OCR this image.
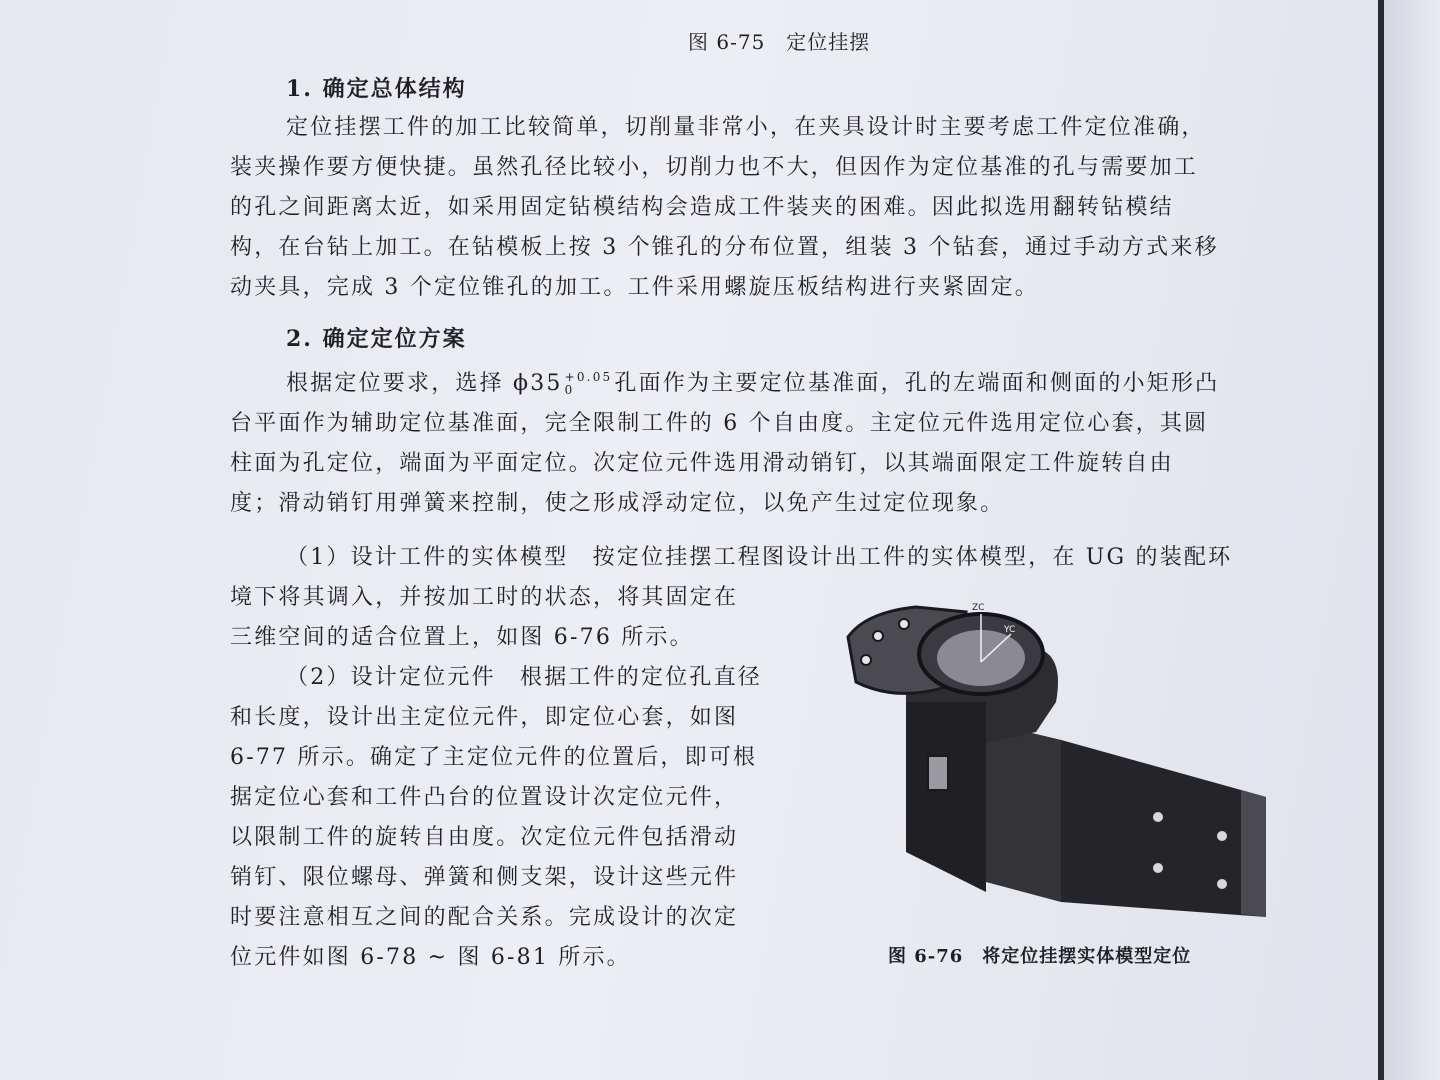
图 6-75　定位挂摆
1. 确定总体结构
定位挂摆工件的加工比较简单，切削量非常小，在夹具设计时主要考虑工件定位准确，
装夹操作要方便快捷。虽然孔径比较小，切削力也不大，但因作为定位基准的孔与需要加工
的孔之间距离太近，如采用固定钻模结构会造成工件装夹的困难。因此拟选用翻转钻模结
构，在台钻上加工。在钻模板上按 3 个锥孔的分布位置，组装 3 个钻套，通过手动方式来移
动夹具，完成 3 个定位锥孔的加工。工件采用螺旋压板结构进行夹紧固定。
2. 确定定位方案
根据定位要求，选择 ϕ35 +0.05
0	孔面作为主要定位基准面，孔的左端面和侧面的小矩形凸
台平面作为辅助定位基准面，完全限制工件的 6 个自由度。主定位元件选用定位心套，其圆
柱面为孔定位，端面为平面定位。次定位元件选用滑动销钉，以其端面限定工件旋转自由
度；滑动销钉用弹簧来控制，使之形成浮动定位，以免产生过定位现象。
（1）设计工件的实体模型　按定位挂摆工程图设计出工件的实体模型，在 UG 的装配环
境下将其调入，并按加工时的状态，将其固定在
三维空间的适合位置上，如图 6-76 所示。
（2）设计定位元件　根据工件的定位孔直径
和长度，设计出主定位元件，即定位心套，如图
6-77 所示。确定了主定位元件的位置后，即可根
据定位心套和工件凸台的位置设计次定位元件，
以限制工件的旋转自由度。次定位元件包括滑动
销钉、限位螺母、弹簧和侧支架，设计这些元件
时要注意相互之间的配合关系。完成设计的次定
位元件如图 6-78 ~ 图 6-81 所示。
ZC
YC
图 6-76　将定位挂摆实体模型定位
